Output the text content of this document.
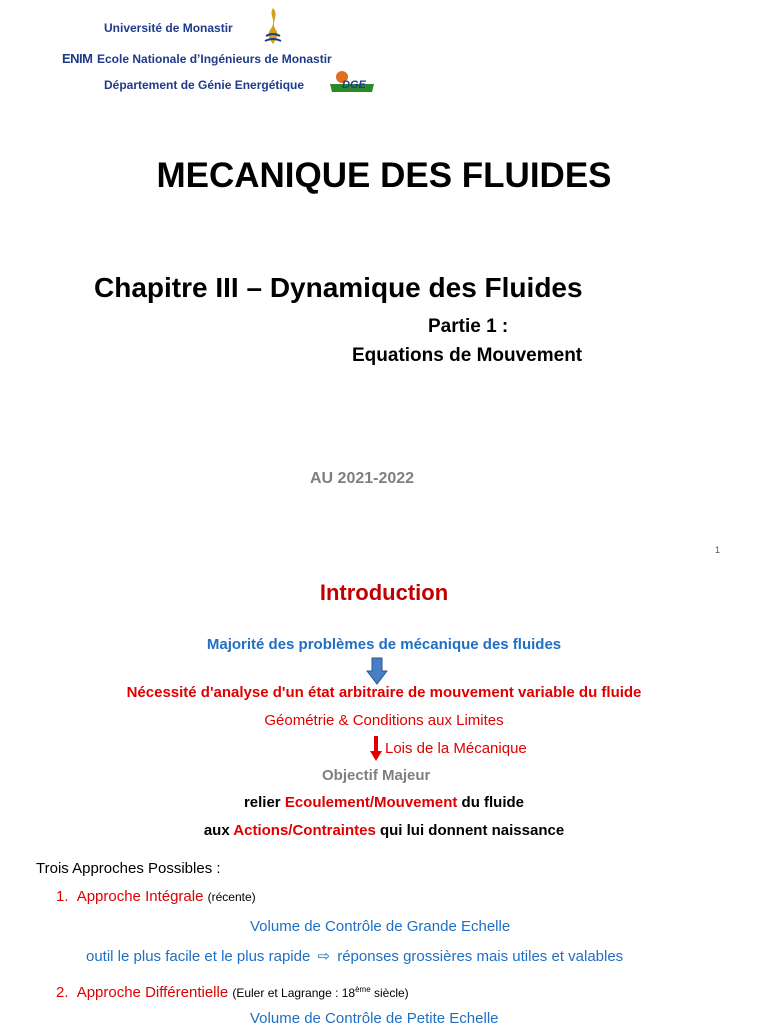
Université de Monastir
ENIM Ecole Nationale d’Ingénieurs de Monastir
Département de Génie Energétique	DGE
MECANIQUE DES FLUIDES
Chapitre III – Dynamique des Fluides
Partie 1 :
Equations de Mouvement
AU 2021-2022
1
Introduction
Majorité des problèmes de mécanique des fluides
Nécessité d'analyse d'un état arbitraire de mouvement variable du fluide
Géométrie & Conditions aux Limites
Lois de la Mécanique
Objectif Majeur
relier Ecoulement/Mouvement du fluide
aux Actions/Contraintes qui lui donnent naissance
Trois Approches Possibles :
1. Approche Intégrale (récente)
Volume de Contrôle de Grande Echelle
outil le plus facile et le plus rapide ⇨ réponses grossières mais utiles et valables
2. Approche Différentielle (Euler et Lagrange : 18ème siècle)
Volume de Contrôle de Petite Echelle
